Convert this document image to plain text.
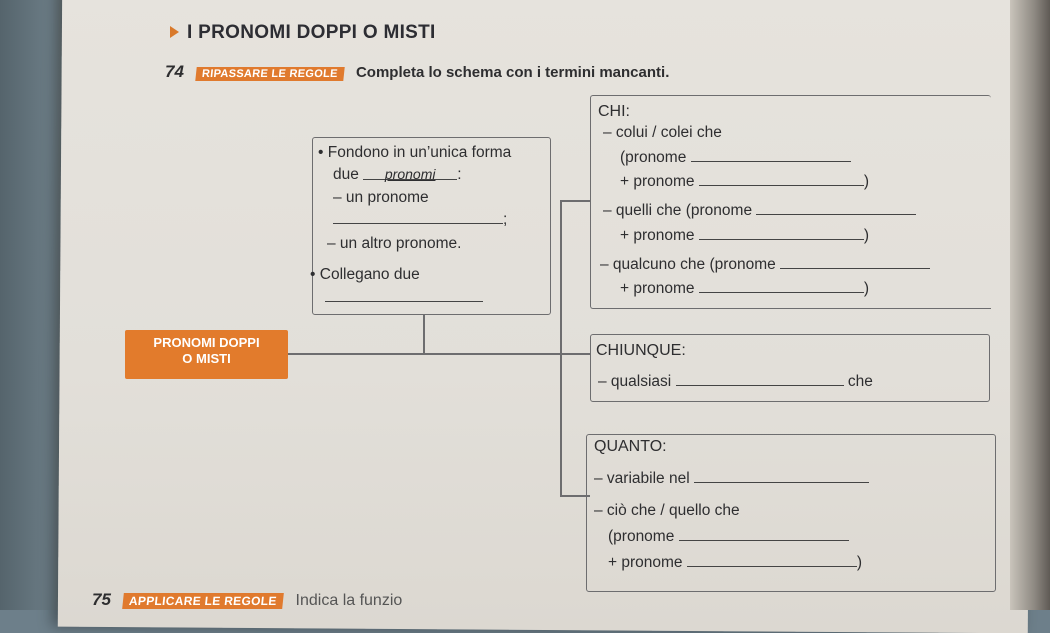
I PRONOMI DOPPI O MISTI
74 RIPASSARE LE REGOLE Completa lo schema con i termini mancanti.
• Fondono in un’unica forma
due pronomi :
– un pronome
;
– un altro pronome.
• Collegano due
PRONOMI DOPPI
O MISTI
CHI:
– colui / colei che
(pronome
+ pronome	)
– quelli che (pronome
+ pronome	)
– qualcuno che (pronome
+ pronome	)
CHIUNQUE:
– qualsiasi	che
QUANTO:
– variabile nel
– ciò che / quello che
(pronome
+ pronome	)
75 APPLICARE LE REGOLE Indica la funzio
